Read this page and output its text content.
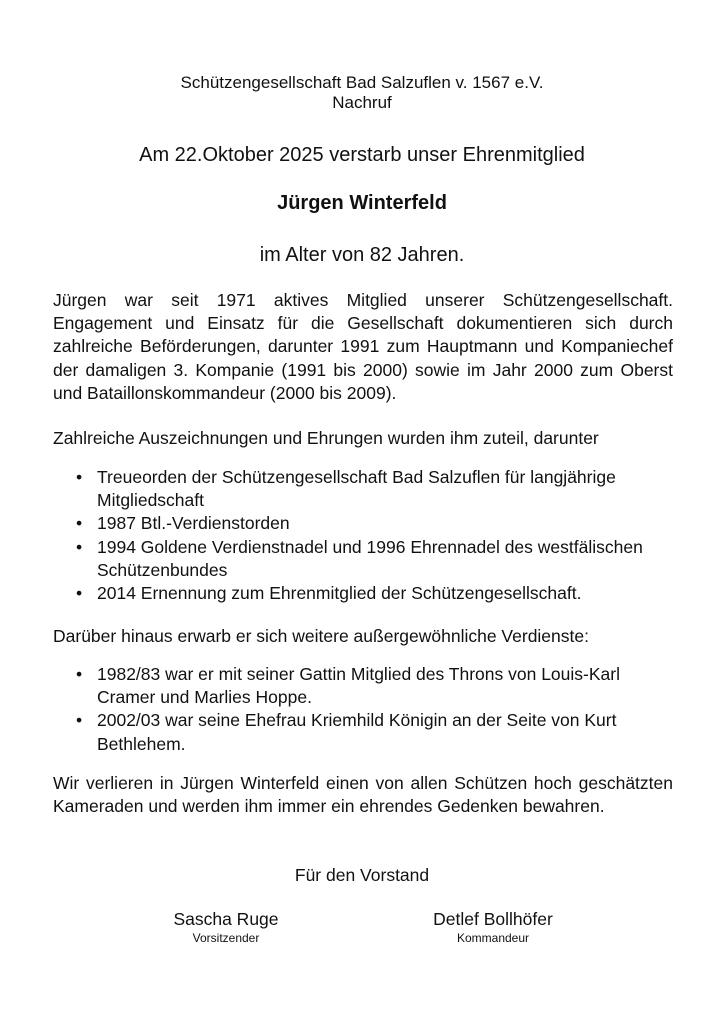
Schützengesellschaft Bad Salzuflen v. 1567 e.V.
Nachruf
Am 22.Oktober 2025 verstarb unser Ehrenmitglied
Jürgen Winterfeld
im Alter von 82 Jahren.
Jürgen war seit 1971 aktives Mitglied unserer Schützengesellschaft. Engagement und Einsatz für die Gesellschaft dokumentieren sich durch zahlreiche Beförderungen, darunter 1991 zum Hauptmann und Kompaniechef der damaligen 3. Kompanie (1991 bis 2000) sowie im Jahr 2000 zum Oberst und Bataillonskommandeur (2000 bis 2009).
Zahlreiche Auszeichnungen und Ehrungen wurden ihm zuteil, darunter
• Treueorden der Schützengesellschaft Bad Salzuflen für langjährige Mitgliedschaft
• 1987 Btl.-Verdienstorden
• 1994 Goldene Verdienstnadel und 1996 Ehrennadel des westfälischen Schützenbundes
• 2014 Ernennung zum Ehrenmitglied der Schützengesellschaft.
Darüber hinaus erwarb er sich weitere außergewöhnliche Verdienste:
• 1982/83 war er mit seiner Gattin Mitglied des Throns von Louis-Karl Cramer und Marlies Hoppe.
• 2002/03 war seine Ehefrau Kriemhild Königin an der Seite von Kurt Bethlehem.
Wir verlieren in Jürgen Winterfeld einen von allen Schützen hoch geschätzten Kameraden und werden ihm immer ein ehrendes Gedenken bewahren.
Für den Vorstand
Sascha Ruge
Vorsitzender
Detlef Bollhöfer
Kommandeur
